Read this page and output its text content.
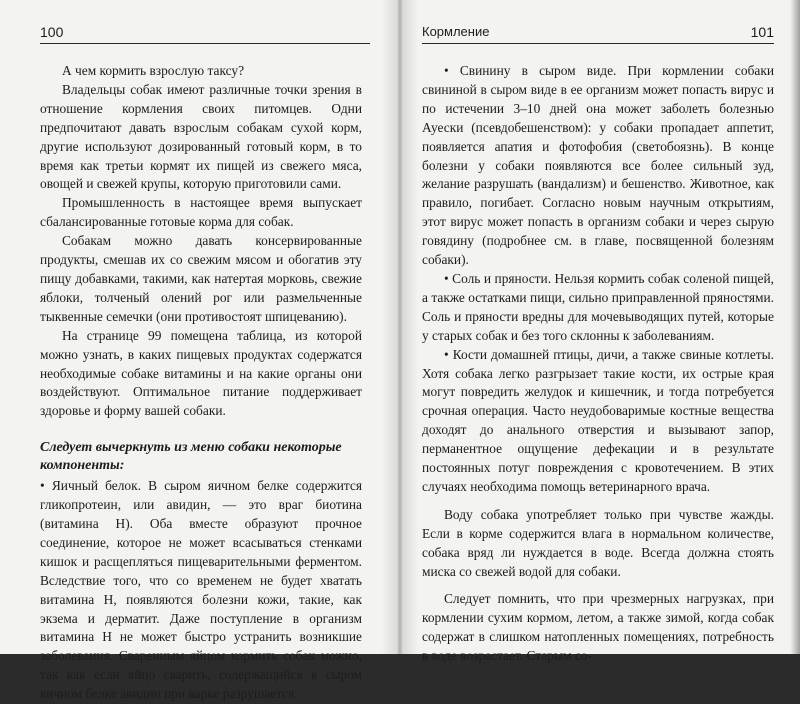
100

А чем кормить взрослую таксу?

Владельцы собак имеют различные точки зрения в отношение кормления своих питомцев. Одни предпочитают давать взрослым собакам сухой корм, другие используют дозированный готовый корм, в то время как третьи кормят их пищей из свежего мяса, овощей и свежей крупы, которую приготовили сами.

Промышленность в настоящее время выпускает сбалансированные готовые корма для собак.

Собакам можно давать консервированные продукты, смешав их со свежим мясом и обогатив эту пищу добавками, такими, как натертая морковь, свежие яблоки, толченый олений рог или размельченные тыквенные семечки (они противостоят шпицеванию).

На странице 99 помещена таблица, из которой можно узнать, в каких пищевых продуктах содержатся необходимые собаке витамины и на какие органы они воздействуют. Оптимальное питание поддерживает здоровье и форму вашей собаки.

Следует вычеркнуть из меню собаки некоторые компоненты:

• Яичный белок. В сыром яичном белке содержится гликопротеин, или авидин, — это враг биотина (витамина Н). Оба вместе образуют прочное соединение, которое не может всасываться стенками кишок и расщепляться пищеварительными ферментом. Вследствие того, что со временем не будет хватать витамина Н, появляются болезни кожи, такие, как экзема и дерматит. Даже поступление в организм витамина Н не может быстро устранить возникшие заболевания. Сваренным яйцом кормить собак можно, так как если яйцо сварить, содержащийся в сыром яичном белке авидин при варке разрушается.

Кормление	101

• Свинину в сыром виде. При кормлении собаки свининой в сыром виде в ее организм может попасть вирус и по истечении 3–10 дней она может заболеть болезнью Ауески (псевдобешенством): у собаки пропадает аппетит, появляется апатия и фотофобия (светобоязнь). В конце болезни у собаки появляются все более сильный зуд, желание разрушать (вандализм) и бешенство. Животное, как правило, погибает. Согласно новым научным открытиям, этот вирус может попасть в организм собаки и через сырую говядину (подробнее см. в главе, посвященной болезням собаки).

• Соль и пряности. Нельзя кормить собак соленой пищей, а также остатками пищи, сильно приправленной пряностями. Соль и пряности вредны для мочевыводящих путей, которые у старых собак и без того склонны к заболеваниям.

• Кости домашней птицы, дичи, а также свиные котлеты. Хотя собака легко разгрызает такие кости, их острые края могут повредить желудок и кишечник, и тогда потребуется срочная операция. Часто неудобоваримые костные вещества доходят до анального отверстия и вызывают запор, перманентное ощущение дефекации и в результате постоянных потуг повреждения с кровотечением. В этих случаях необходима помощь ветеринарного врача.

Воду собака употребляет только при чувстве жажды. Если в корме содержится влага в нормальном количестве, собака вряд ли нуждается в воде. Всегда должна стоять миска со свежей водой для собаки.

Следует помнить, что при чрезмерных нагрузках, при кормлении сухим кормом, летом, а также зимой, когда собак содержат в слишком натопленных помещениях, потребность в воде возрастает. Старым со-
